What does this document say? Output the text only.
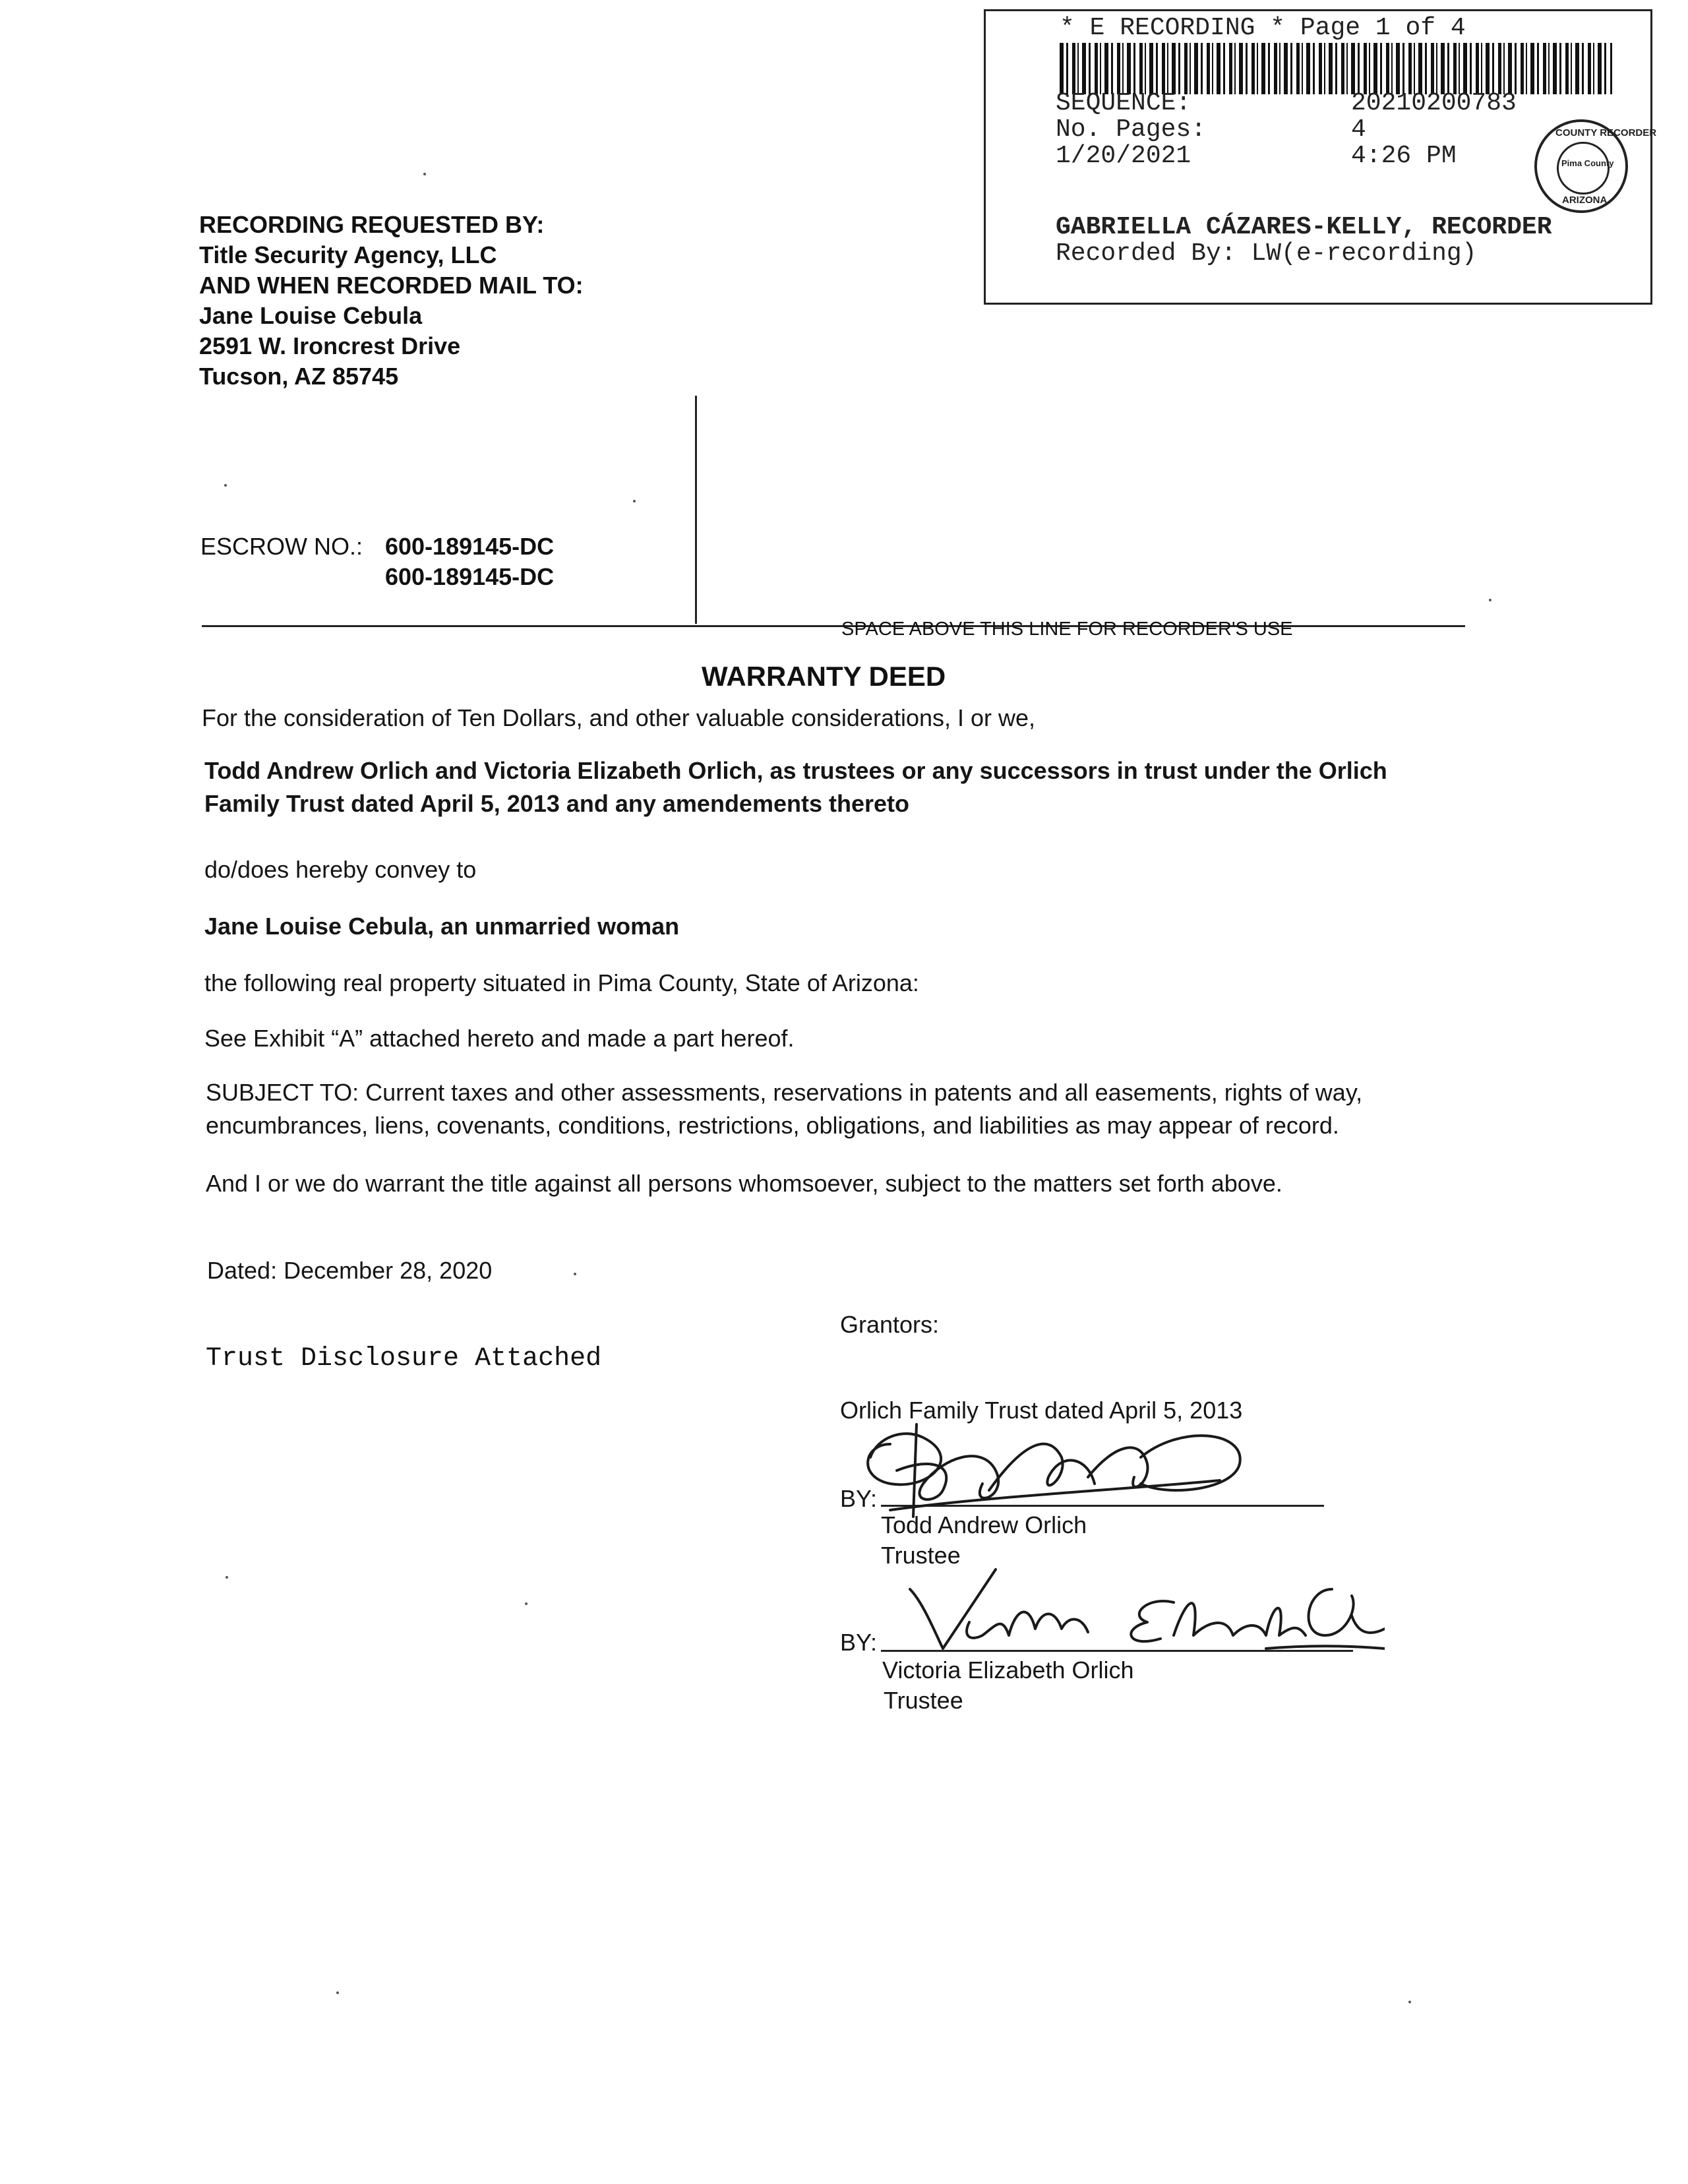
* E RECORDING * Page 1 of 4
SEQUENCE:	20210200783
No. Pages:	4
1/20/2021	4:26 PM
GABRIELLA CÁZARES-KELLY, RECORDER
Recorded By: LW(e-recording)
COUNTY RECORDER
Pima County
ARIZONA
RECORDING REQUESTED BY:
Title Security Agency, LLC
AND WHEN RECORDED MAIL TO:
Jane Louise Cebula
2591 W. Ironcrest Drive
Tucson, AZ 85745
ESCROW NO.: 600-189145-DC
600-189145-DC
SPACE ABOVE THIS LINE FOR RECORDER'S USE
WARRANTY DEED
For the consideration of Ten Dollars, and other valuable considerations, I or we,
Todd Andrew Orlich and Victoria Elizabeth Orlich, as trustees or any successors in trust under the Orlich
Family Trust dated April 5, 2013 and any amendements thereto
do/does hereby convey to
Jane Louise Cebula, an unmarried woman
the following real property situated in Pima County, State of Arizona:
See Exhibit “A” attached hereto and made a part hereof.
SUBJECT TO: Current taxes and other assessments, reservations in patents and all easements, rights of way,
encumbrances, liens, covenants, conditions, restrictions, obligations, and liabilities as may appear of record.
And I or we do warrant the title against all persons whomsoever, subject to the matters set forth above.
Dated: December 28, 2020
Trust Disclosure Attached
Grantors:
Orlich Family Trust dated April 5, 2013
BY:
Todd Andrew Orlich
Trustee
BY:
Victoria Elizabeth Orlich
Trustee
